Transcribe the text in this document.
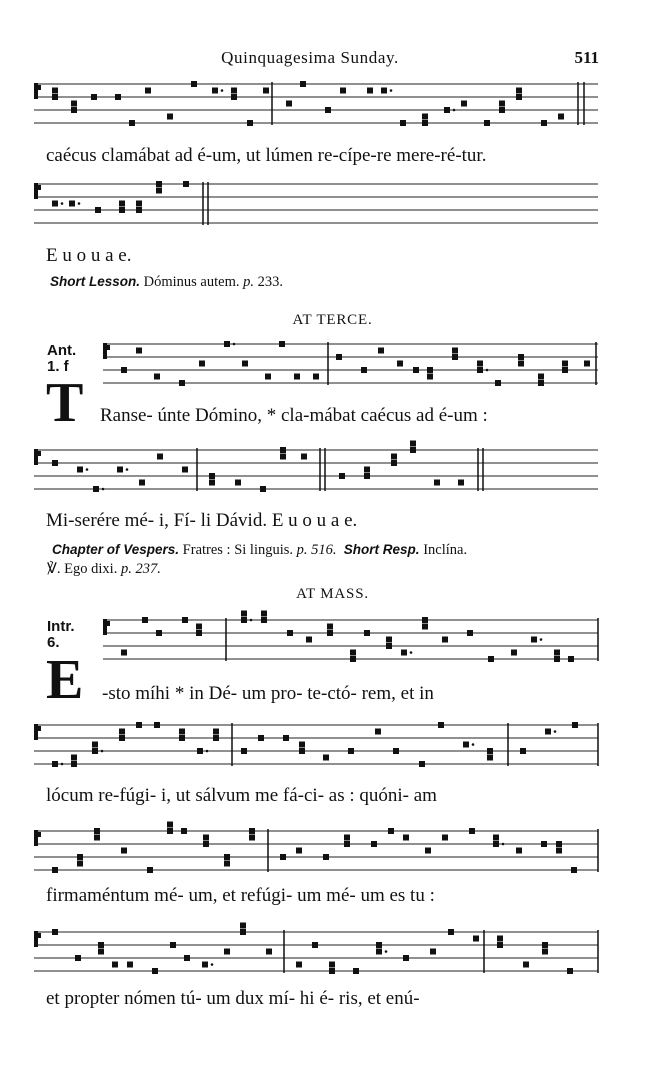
Quinquagesima Sunday.	511
caécus clamábat ad é-um, ut lúmen re-cípe-re mere-ré-tur.
E u o u a e.
Short Lesson. Dóminus autem. p. 233.
AT TERCE.
Ant.
1. f
T Ranse- únte Dómino, * cla-mábat caécus ad é-um :
Mi-serére mé- i, Fí- li Dávid. E u o u a e.
Chapter of Vespers. Fratres : Si linguis. p. 516. Short Resp. Inclína.
℣. Ego dixi. p. 237.
AT MASS.
Intr.
6.
E -sto míhi * in Dé- um pro- te-ctó- rem, et in
lócum re-fúgi- i, ut sálvum me fá-ci- as : quóni- am
firmaméntum mé- um, et refúgi- um mé- um es tu :
et propter nómen tú- um dux mí- hi é- ris, et enú-
